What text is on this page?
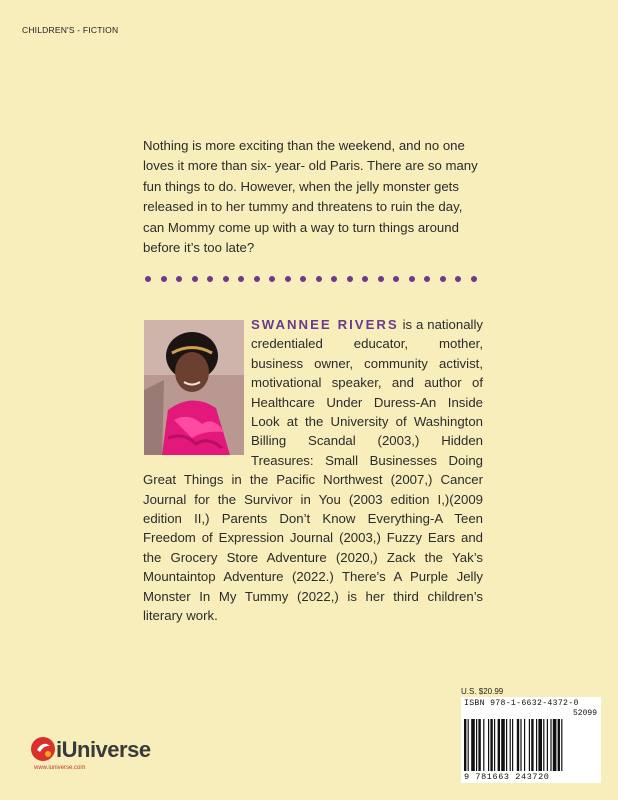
CHILDREN'S - FICTION
Nothing is more exciting than the weekend, and no one loves it more than six- year- old Paris. There are so many fun things to do. However, when the jelly monster gets released in to her tummy and threatens to ruin the day, can Mommy come up with a way to turn things around before it’s too late?
SWANNEE RIVERS is a nationally credentialed educator, mother, business owner, community activist, motivational speaker, and author of Healthcare Under Duress-An Inside Look at the University of Washington Billing Scandal (2003,) Hidden Treasures: Small Businesses Doing Great Things in the Pacific Northwest (2007,) Cancer Journal for the Survivor in You (2003 edition I,)(2009 edition II,) Parents Don’t Know Everything-A Teen Freedom of Expression Journal (2003,) Fuzzy Ears and the Grocery Store Adventure (2020,) Zack the Yak’s Mountaintop Adventure (2022.) There’s A Purple Jelly Monster In My Tummy (2022,) is her third children’s literary work.
U.S. $20.99
ISBN 978-1-6632-4372-0
52099
9 781663 243720
iUniverse
www.iuniverse.com
